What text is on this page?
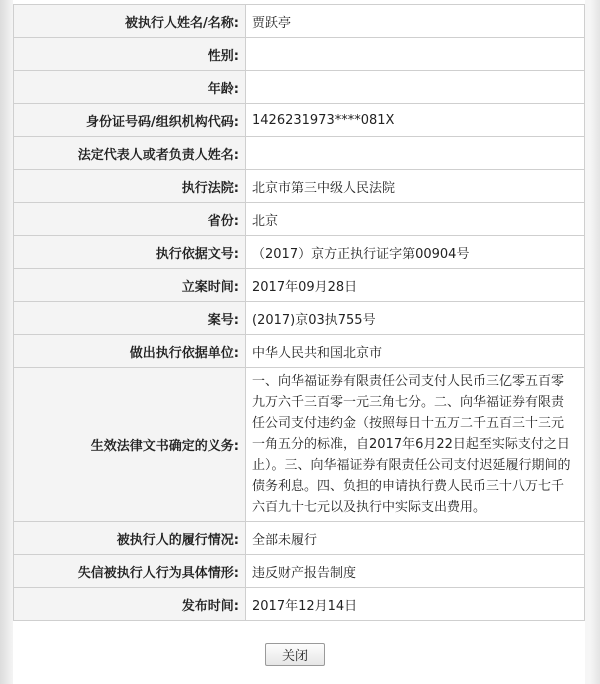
被执行人姓名/名称:	贾跃亭
性别:	
年龄:	
身份证号码/组织机构代码:	1426231973****081X
法定代表人或者负责人姓名:	
执行法院:	北京市第三中级人民法院
省份:	北京
执行依据文号:	（2017）京方正执行证字第00904号
立案时间:	2017年09月28日
案号:	(2017)京03执755号
做出执行依据单位:	中华人民共和国北京市
生效法律文书确定的义务:	一、向华福证券有限责任公司支付人民币三亿零五百零九万六千三百零一元三角七分。二、向华福证券有限责任公司支付违约金（按照每日十五万二千五百三十三元一角五分的标准，自2017年6月22日起至实际支付之日止）。三、向华福证券有限责任公司支付迟延履行期间的债务利息。四、负担的申请执行费人民币三十八万七千六百九十七元以及执行中实际支出费用。
被执行人的履行情况:	全部未履行
失信被执行人行为具体情形:	违反财产报告制度
发布时间:	2017年12月14日
关闭
